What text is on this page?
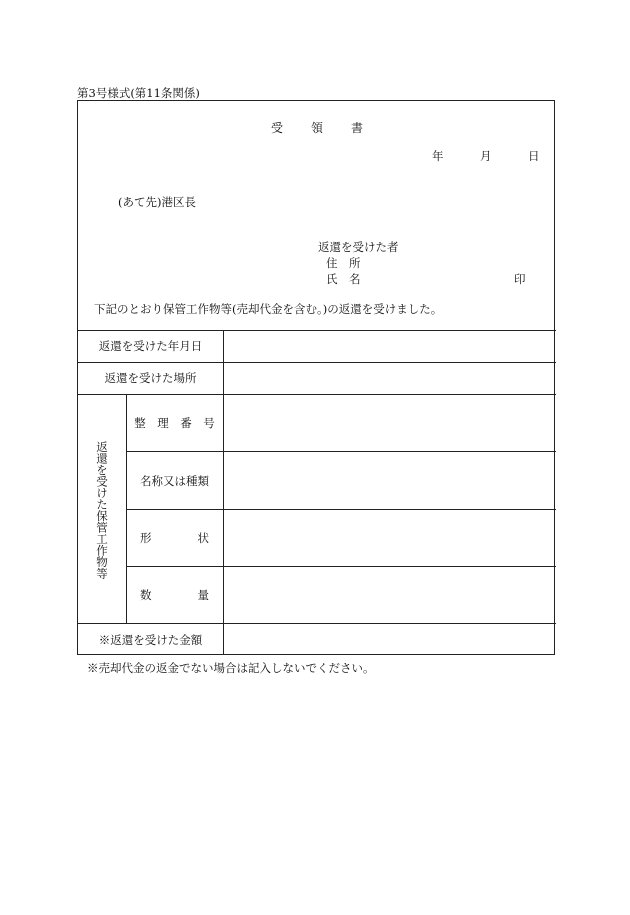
第3号様式(第11条関係)
受 領 書
年	月	日
(あて先)港区長
返還を受けた者
住　所
氏　名	印
下記のとおり保管工作物等(売却代金を含む。)の返還を受けました。
返還を受けた年月日
返還を受けた場所
返還を受けた保管工作物等
整　理　番　号
名称又は種類
形	状
数	量
※返還を受けた金額
※売却代金の返金でない場合は記入しないでください。
